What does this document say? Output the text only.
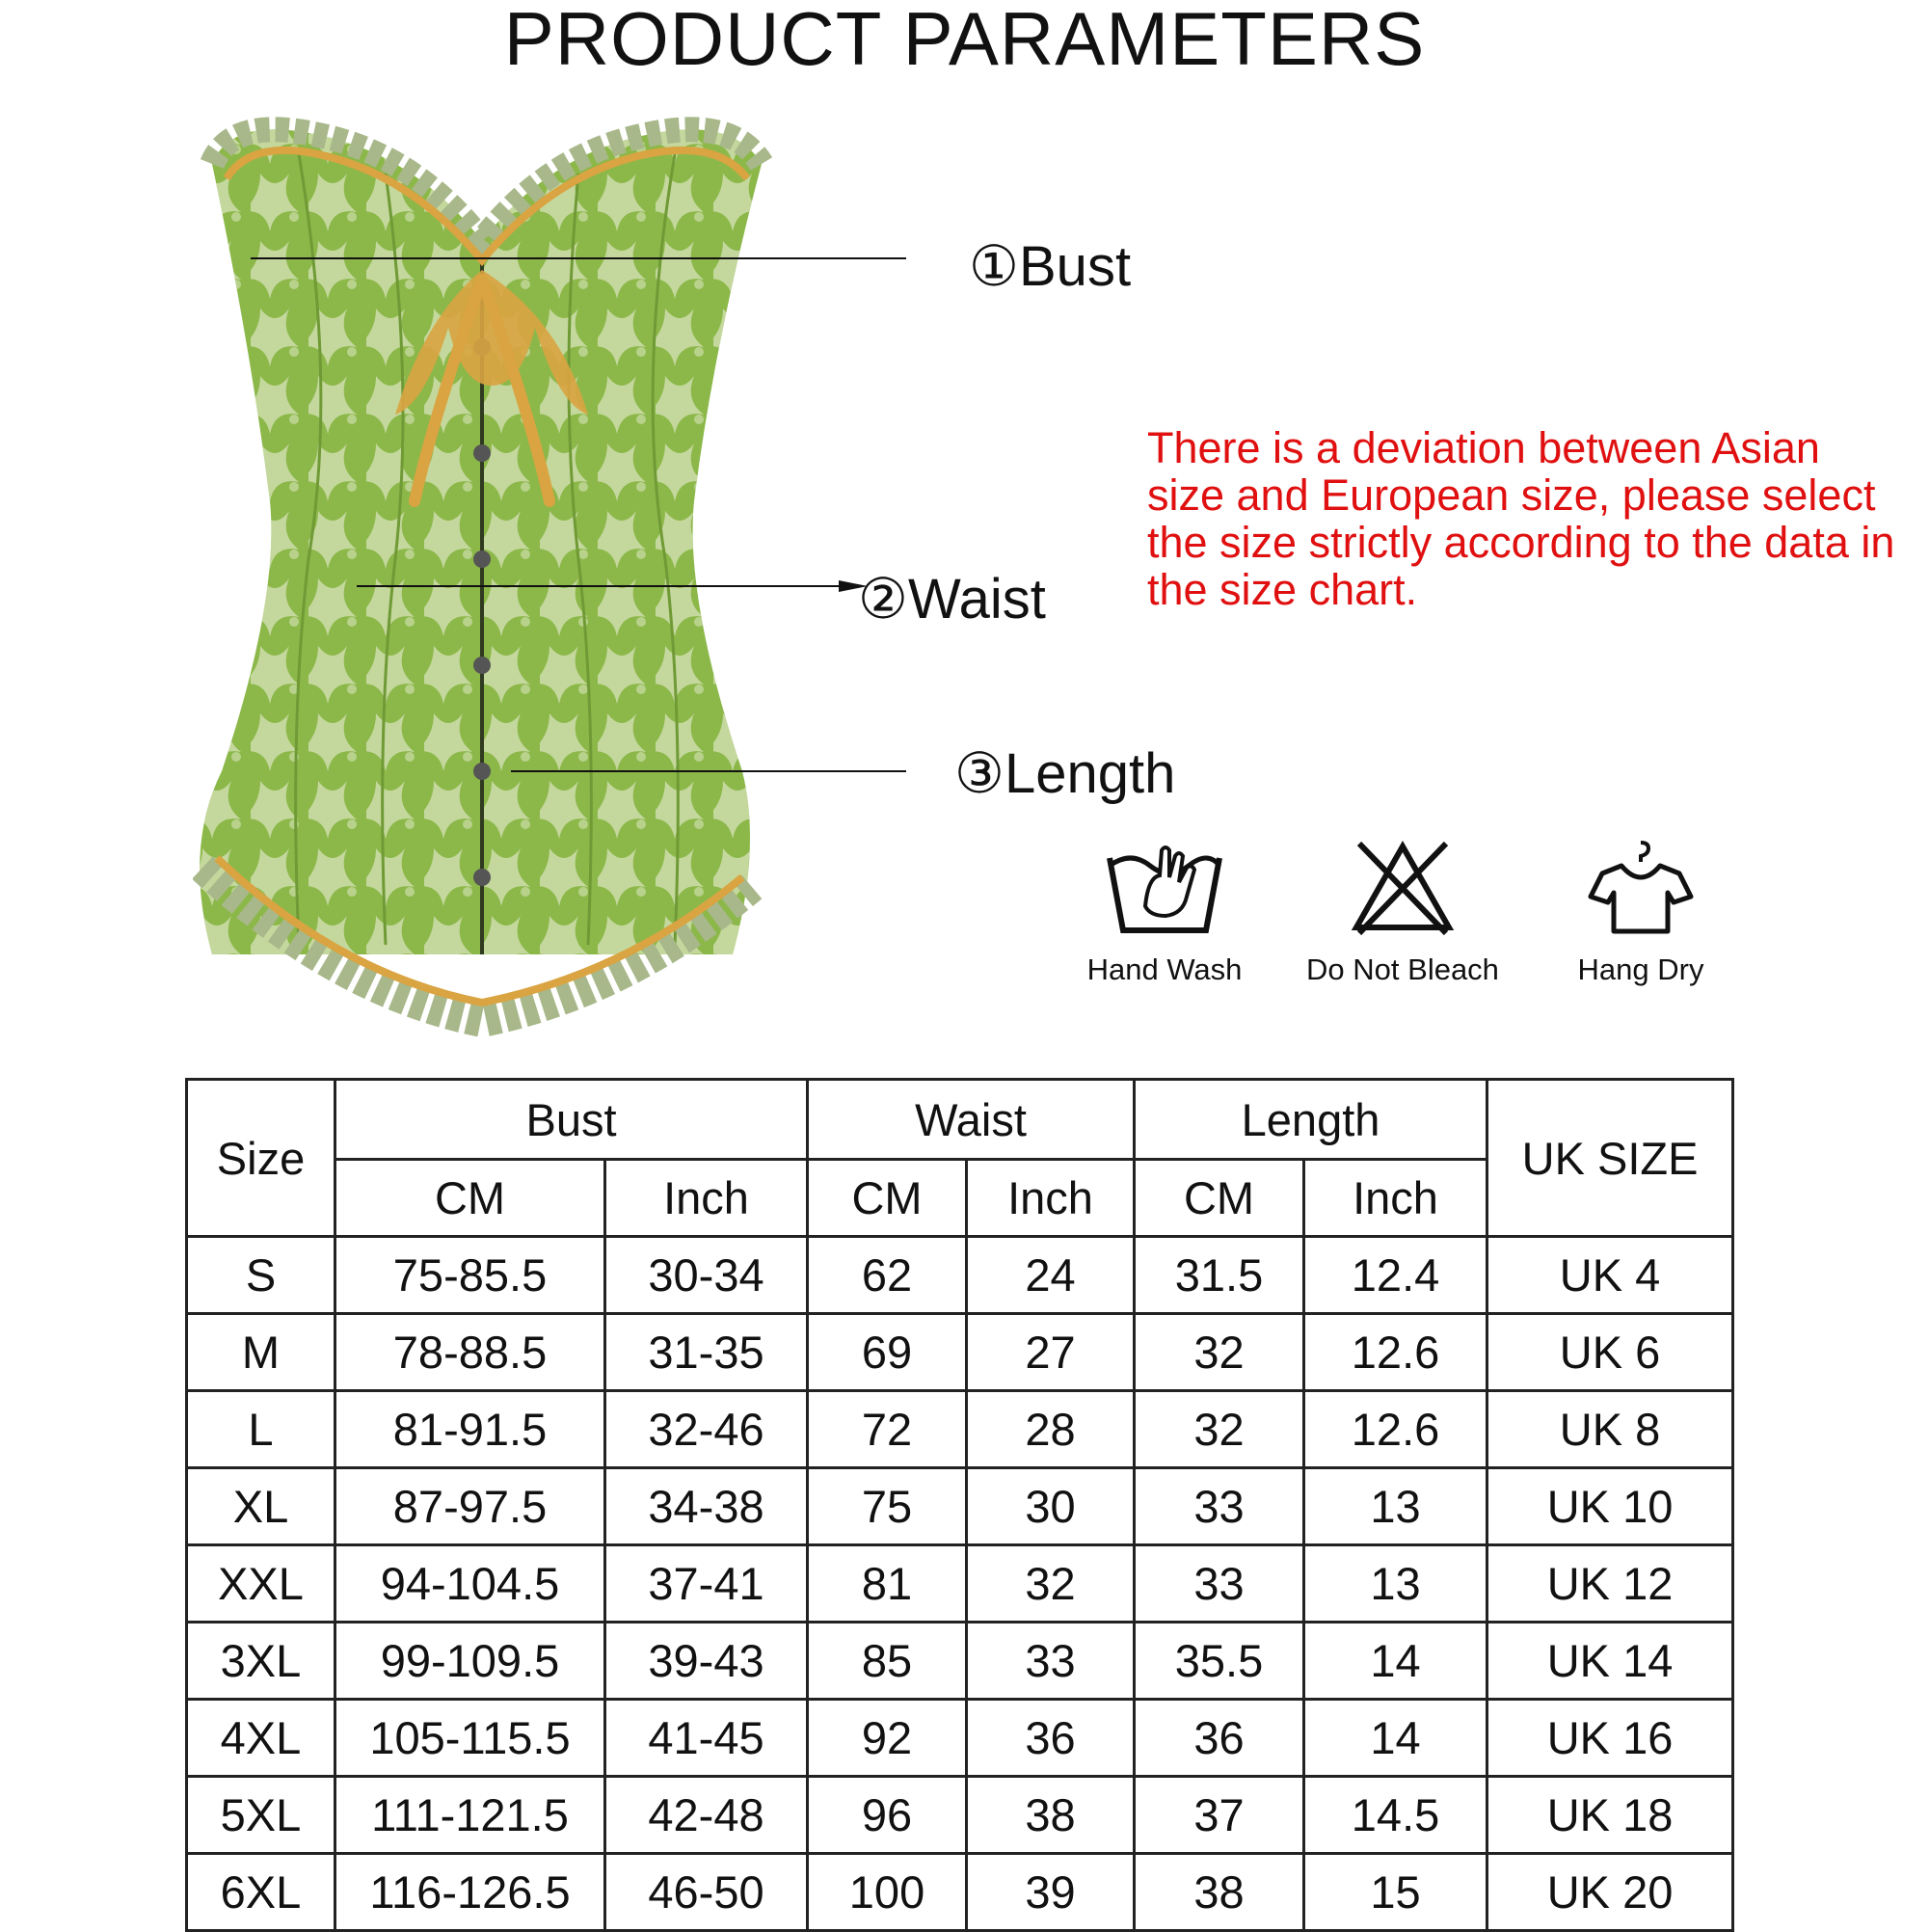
PRODUCT PARAMETERS
①Bust
②Waist
③Length
There is a deviation between Asian size and European size, please select the size strictly according to the data in the size chart.
Hand Wash	Do Not Bleach	Hang Dry
Size	Bust		Waist		Length		UK SIZE
	CM	Inch	CM	Inch	CM	Inch	
S	75-85.5	30-34	62	24	31.5	12.4	UK 4
M	78-88.5	31-35	69	27	32	12.6	UK 6
L	81-91.5	32-46	72	28	32	12.6	UK 8
XL	87-97.5	34-38	75	30	33	13	UK 10
XXL	94-104.5	37-41	81	32	33	13	UK 12
3XL	99-109.5	39-43	85	33	35.5	14	UK 14
4XL	105-115.5	41-45	92	36	36	14	UK 16
5XL	111-121.5	42-48	96	38	37	14.5	UK 18
6XL	116-126.5	46-50	100	39	38	15	UK 20
